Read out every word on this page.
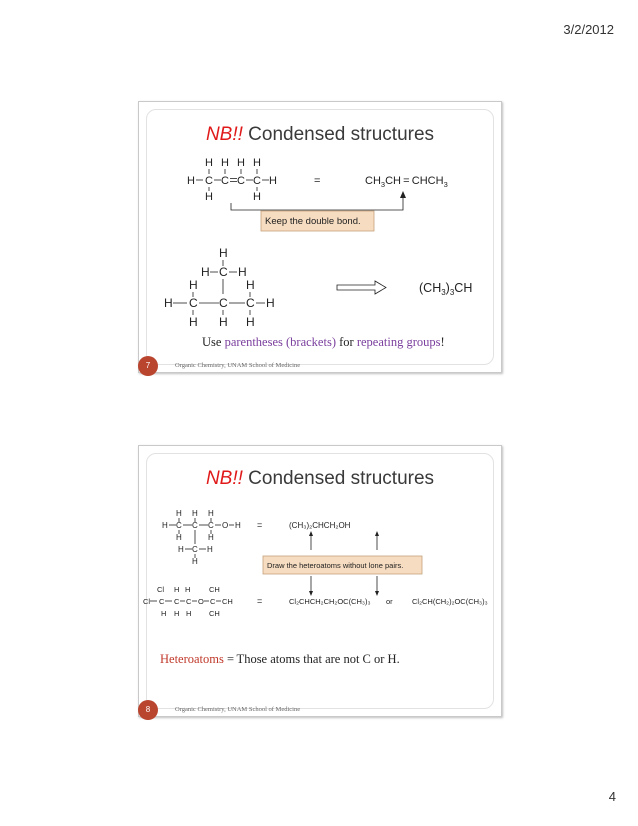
3/2/2012
NB!! Condensed structures
H H H H
H C C C C H
H	H
=	$CH_3CH$ = $CHCH_3$
Keep the double bond.
H
H C H
H	H
H C C C H
H H H
$(CH_3)_3CH$
Use parentheses (brackets) for repeating groups!
7	Organic Chemistry, UNAM School of Medicine
NB!! Condensed structures
H H H
H C C C O H
H	H
H C H
H
=	(CH₃)₂CHCH₂OH
Draw the heteroatoms without lone pairs.
Cl H H CH
Cl C C C O C CH
H H H CH
=	Cl₂CHCH₂CH₂OC(CH₃)₃ or	Cl₂CH(CH₂)₂OC(CH₃)₃
Heteroatoms = Those atoms that are not C or H.
8	Organic Chemistry, UNAM School of Medicine
4
